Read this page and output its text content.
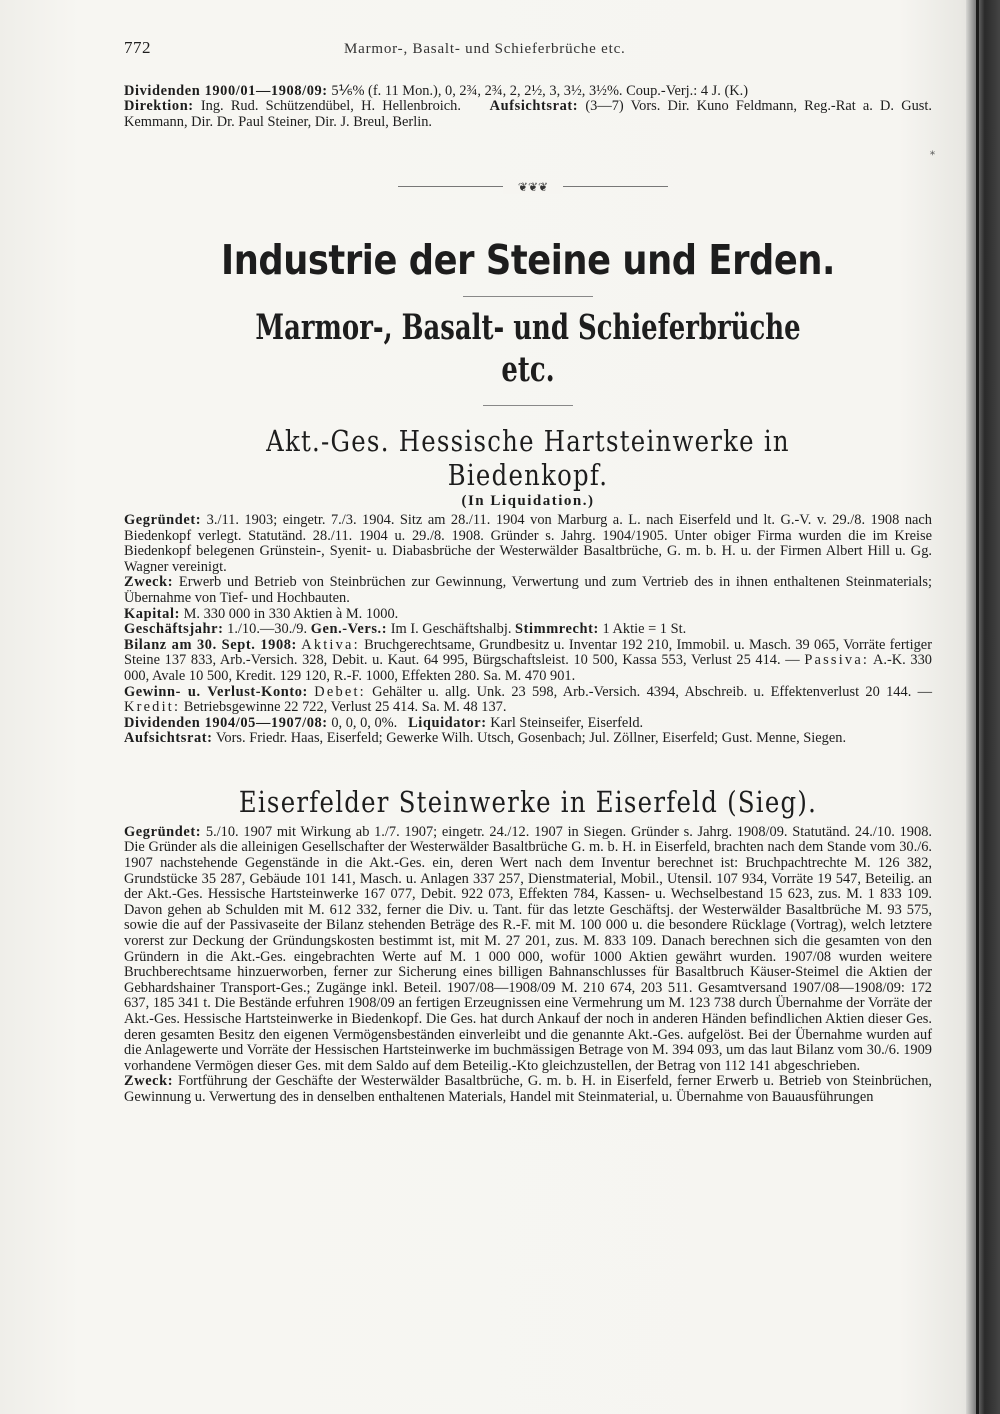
*
772	Marmor-, Basalt- und Schieferbrüche etc.

Dividenden 1900/01—1908/09: 5⅙% (f. 11 Mon.), 0, 2¾, 2¾, 2, 2½, 3, 3½, 3½%. Coup.-Verj.: 4 J. (K.)

Direktion: Ing. Rud. Schützendübel, H. Hellenbroich. Aufsichtsrat: (3—7) Vors. Dir. Kuno Feldmann, Reg.-Rat a. D. Gust. Kemmann, Dir. Dr. Paul Steiner, Dir. J. Breul, Berlin.

❦❦❦
Industrie der Steine und Erden.
Marmor-, Basalt- und Schieferbrüche etc.
Akt.-Ges. Hessische Hartsteinwerke in Biedenkopf.
(In Liquidation.)

Gegründet: 3./11. 1903; eingetr. 7./3. 1904. Sitz am 28./11. 1904 von Marburg a. L. nach Eiserfeld und lt. G.-V. v. 29./8. 1908 nach Biedenkopf verlegt. Statutänd. 28./11. 1904 u. 29./8. 1908. Gründer s. Jahrg. 1904/1905. Unter obiger Firma wurden die im Kreise Biedenkopf belegenen Grünstein-, Syenit- u. Diabasbrüche der Westerwälder Basaltbrüche, G. m. b. H. u. der Firmen Albert Hill u. Gg. Wagner vereinigt.

Zweck: Erwerb und Betrieb von Steinbrüchen zur Gewinnung, Verwertung und zum Vertrieb des in ihnen enthaltenen Steinmaterials; Übernahme von Tief- und Hochbauten.

Kapital: M. 330 000 in 330 Aktien à M. 1000.

Geschäftsjahr: 1./10.—30./9. Gen.-Vers.: Im I. Geschäftshalbj. Stimmrecht: 1 Aktie = 1 St.

Bilanz am 30. Sept. 1908: Aktiva: Bruchgerechtsame, Grundbesitz u. Inventar 192 210, Immobil. u. Masch. 39 065, Vorräte fertiger Steine 137 833, Arb.-Versich. 328, Debit. u. Kaut. 64 995, Bürgschaftsleist. 10 500, Kassa 553, Verlust 25 414. — Passiva: A.-K. 330 000, Avale 10 500, Kredit. 129 120, R.-F. 1000, Effekten 280. Sa. M. 470 901.

Gewinn- u. Verlust-Konto: Debet: Gehälter u. allg. Unk. 23 598, Arb.-Versich. 4394, Abschreib. u. Effektenverlust 20 144. — Kredit: Betriebsgewinne 22 722, Verlust 25 414. Sa. M. 48 137.

Dividenden 1904/05—1907/08: 0, 0, 0, 0%. Liquidator: Karl Steinseifer, Eiserfeld.

Aufsichtsrat: Vors. Friedr. Haas, Eiserfeld; Gewerke Wilh. Utsch, Gosenbach; Jul. Zöllner, Eiserfeld; Gust. Menne, Siegen.

Eiserfelder Steinwerke in Eiserfeld (Sieg).

Gegründet: 5./10. 1907 mit Wirkung ab 1./7. 1907; eingetr. 24./12. 1907 in Siegen. Gründer s. Jahrg. 1908/09. Statutänd. 24./10. 1908. Die Gründer als die alleinigen Gesellschafter der Westerwälder Basaltbrüche G. m. b. H. in Eiserfeld, brachten nach dem Stande vom 30./6. 1907 nachstehende Gegenstände in die Akt.-Ges. ein, deren Wert nach dem Inventur berechnet ist: Bruchpachtrechte M. 126 382, Grundstücke 35 287, Gebäude 101 141, Masch. u. Anlagen 337 257, Dienstmaterial, Mobil., Utensil. 107 934, Vorräte 19 547, Beteilig. an der Akt.-Ges. Hessische Hartsteinwerke 167 077, Debit. 922 073, Effekten 784, Kassen- u. Wechselbestand 15 623, zus. M. 1 833 109. Davon gehen ab Schulden mit M. 612 332, ferner die Div. u. Tant. für das letzte Geschäftsj. der Westerwälder Basaltbrüche M. 93 575, sowie die auf der Passivaseite der Bilanz stehenden Beträge des R.-F. mit M. 100 000 u. die besondere Rücklage (Vortrag), welch letztere vorerst zur Deckung der Gründungskosten bestimmt ist, mit M. 27 201, zus. M. 833 109. Danach berechnen sich die gesamten von den Gründern in die Akt.-Ges. eingebrachten Werte auf M. 1 000 000, wofür 1000 Aktien gewährt wurden. 1907/08 wurden weitere Bruchberechtsame hinzuerworben, ferner zur Sicherung eines billigen Bahnanschlusses für Basaltbruch Käuser-Steimel die Aktien der Gebhardshainer Transport-Ges.; Zugänge inkl. Beteil. 1907/08—1908/09 M. 210 674, 203 511. Gesamtversand 1907/08—1908/09: 172 637, 185 341 t. Die Bestände erfuhren 1908/09 an fertigen Erzeugnissen eine Vermehrung um M. 123 738 durch Übernahme der Vorräte der Akt.-Ges. Hessische Hartsteinwerke in Biedenkopf. Die Ges. hat durch Ankauf der noch in anderen Händen befindlichen Aktien dieser Ges. deren gesamten Besitz den eigenen Vermögensbeständen einverleibt und die genannte Akt.-Ges. aufgelöst. Bei der Übernahme wurden auf die Anlagewerte und Vorräte der Hessischen Hartsteinwerke im buchmässigen Betrage von M. 394 093, um das laut Bilanz vom 30./6. 1909 vorhandene Vermögen dieser Ges. mit dem Saldo auf dem Beteilig.-Kto gleichzustellen, der Betrag von 112 141 abgeschrieben.

Zweck: Fortführung der Geschäfte der Westerwälder Basaltbrüche, G. m. b. H. in Eiserfeld, ferner Erwerb u. Betrieb von Steinbrüchen, Gewinnung u. Verwertung des in denselben enthaltenen Materials, Handel mit Steinmaterial, u. Übernahme von Bauausführungen
